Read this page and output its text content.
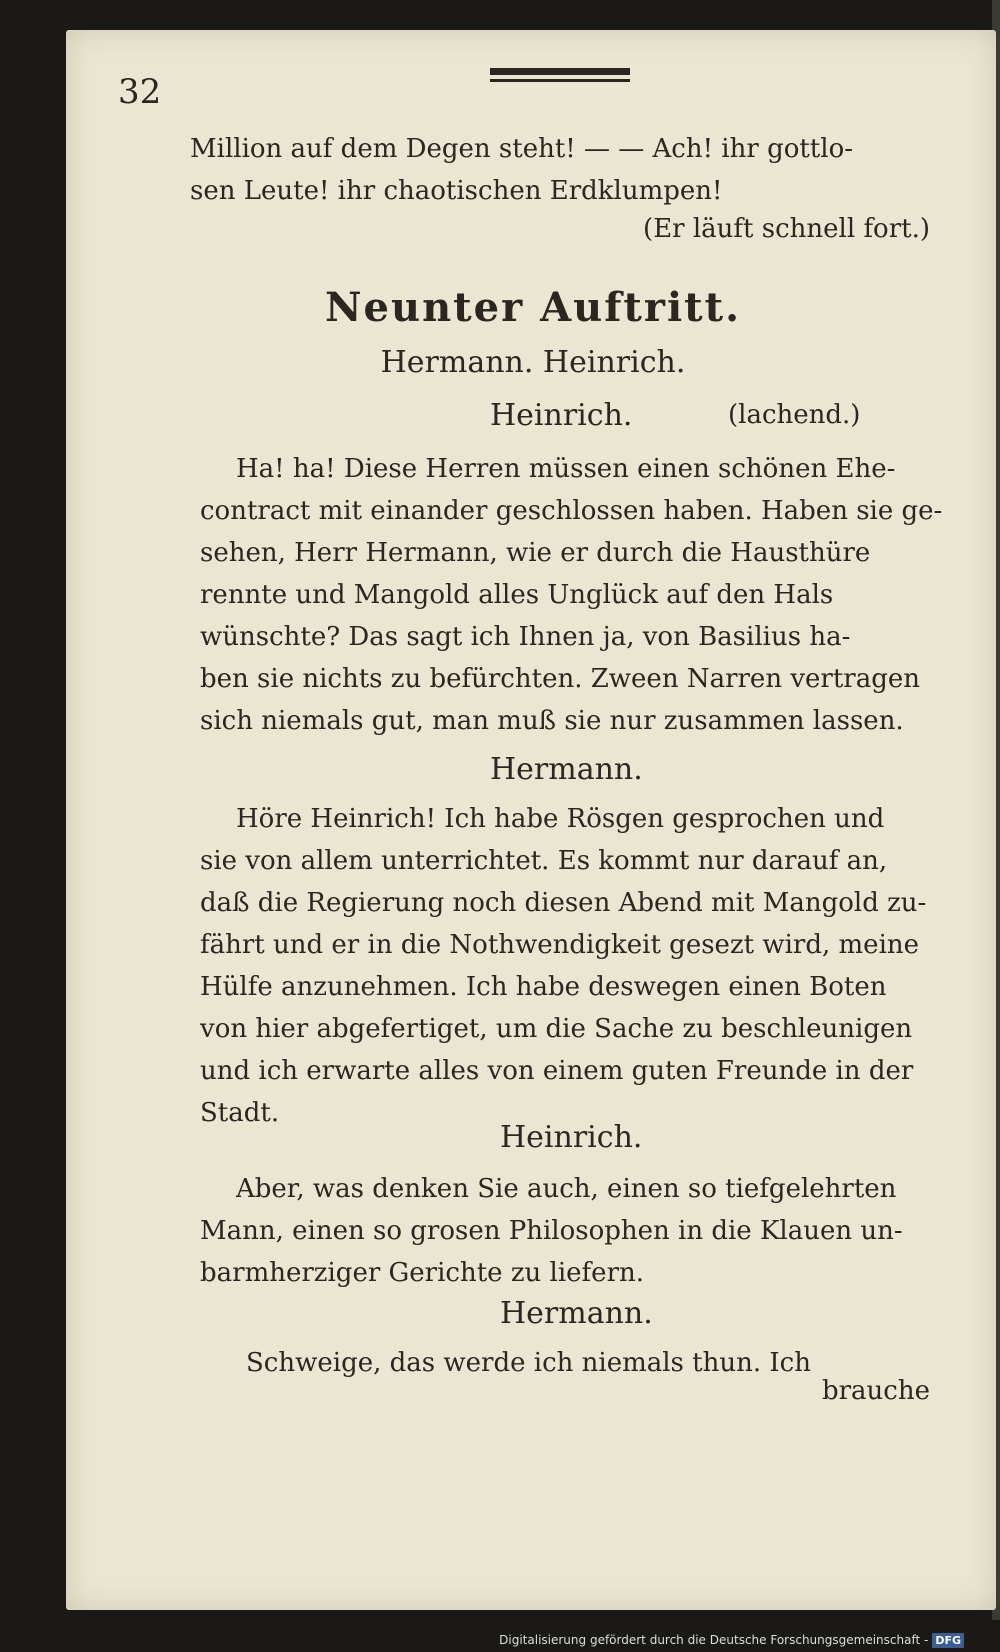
32
Million auf dem Degen steht! — — Ach! ihr gottlo-
sen Leute! ihr chaotischen Erdklumpen!
(Er läuft schnell fort.)
Neunter Auftritt.
Hermann. Heinrich.
Heinrich.	(lachend.)
Ha! ha! Diese Herren müssen einen schönen Ehe-
contract mit einander geschlossen haben. Haben sie ge-
sehen, Herr Hermann, wie er durch die Hausthüre
rennte und Mangold alles Unglück auf den Hals
wünschte? Das sagt ich Ihnen ja, von Basilius ha-
ben sie nichts zu befürchten. Zween Narren vertragen
sich niemals gut, man muß sie nur zusammen lassen.
Hermann.
Höre Heinrich! Ich habe Rösgen gesprochen und
sie von allem unterrichtet. Es kommt nur darauf an,
daß die Regierung noch diesen Abend mit Mangold zu-
fährt und er in die Nothwendigkeit gesezt wird, meine
Hülfe anzunehmen. Ich habe deswegen einen Boten
von hier abgefertiget, um die Sache zu beschleunigen
und ich erwarte alles von einem guten Freunde in der
Stadt.
Heinrich.
Aber, was denken Sie auch, einen so tiefgelehrten
Mann, einen so grosen Philosophen in die Klauen un-
barmherziger Gerichte zu liefern.
Hermann.
Schweige, das werde ich niemals thun. Ich
brauche
Digitalisierung gefördert durch die Deutsche Forschungsgemeinschaft - DFG
